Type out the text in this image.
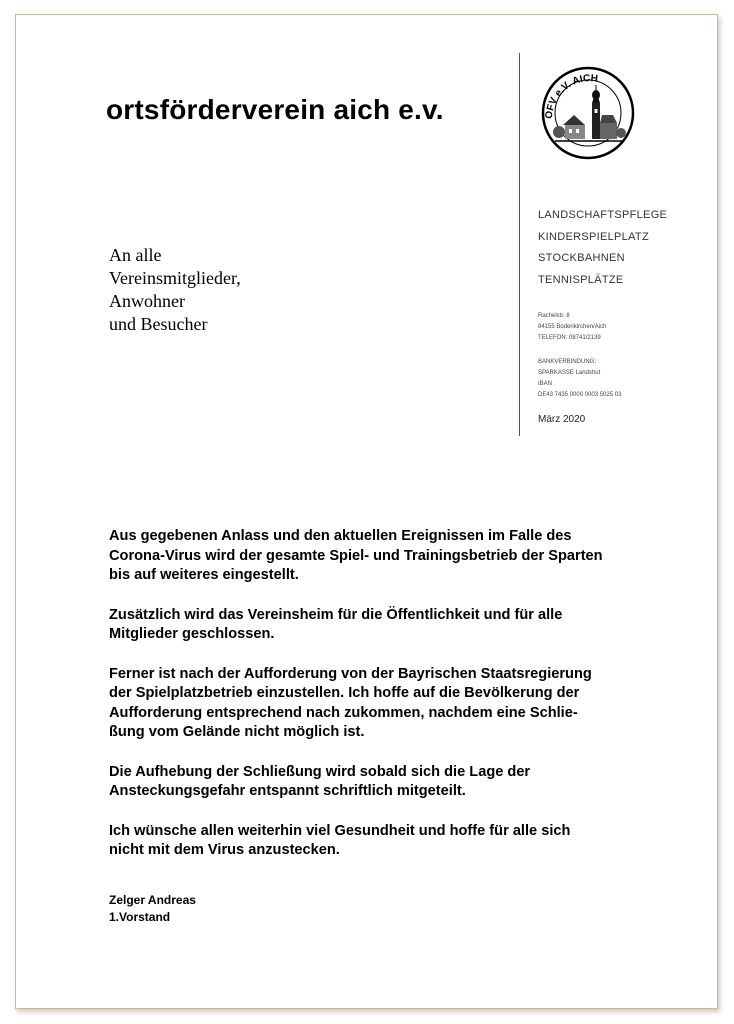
ortsförderverein aich e.v.	OFV e.V. AICH
LANDSCHAFTSPFLEGE
KINDERSPIELPLATZ
STOCKBAHNEN
TENNISPLÄTZE
Rachelstr. 8
84155 Bodenkirchen/Aich
TELEFON: 08741/2139
BANKVERBINDUNG:
SPARKASSE Landshut
IBAN
DE43 7435 0000 0003 5025 03
März 2020
An alle
Vereinsmitglieder,
Anwohner
und Besucher
Aus gegebenen Anlass und den aktuellen Ereignissen im Falle des
Corona-Virus wird der gesamte Spiel- und Trainingsbetrieb der Sparten
bis auf weiteres eingestellt.
Zusätzlich wird das Vereinsheim für die Öffentlichkeit und für alle
Mitglieder geschlossen.
Ferner ist nach der Aufforderung von der Bayrischen Staatsregierung
der Spielplatzbetrieb einzustellen. Ich hoffe auf die Bevölkerung der
Aufforderung entsprechend nach zukommen, nachdem eine Schlie-
ßung vom Gelände nicht möglich ist.
Die Aufhebung der Schließung wird sobald sich die Lage der
Ansteckungsgefahr entspannt schriftlich mitgeteilt.
Ich wünsche allen weiterhin viel Gesundheit und hoffe für alle sich
nicht mit dem Virus anzustecken.
Zelger Andreas
1.Vorstand
